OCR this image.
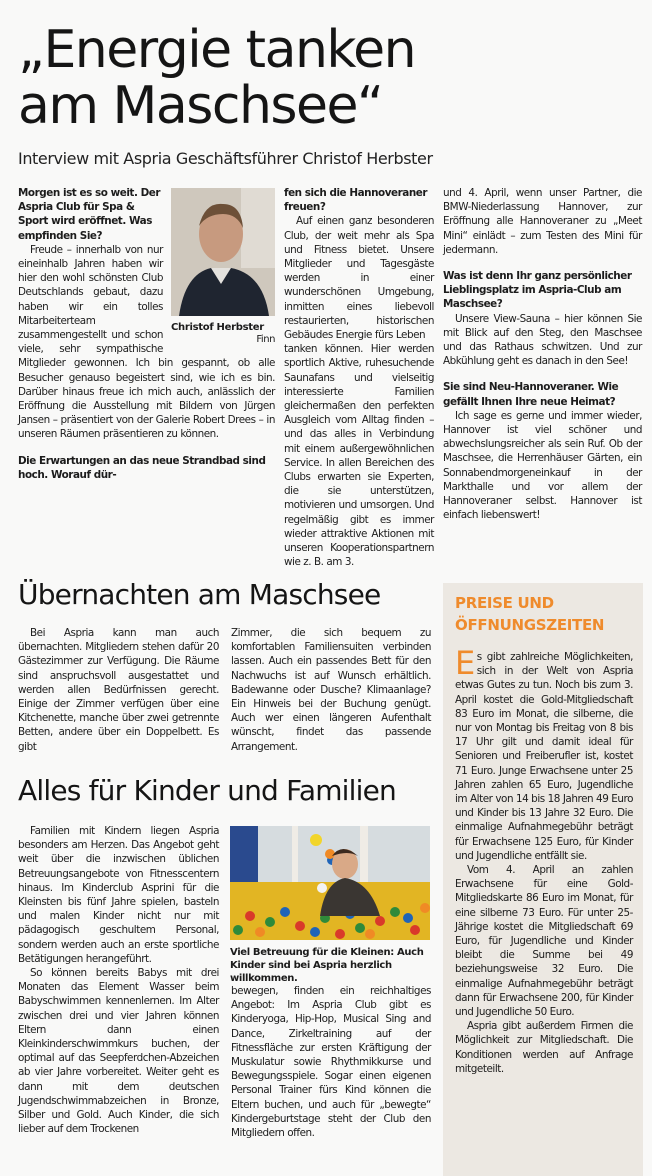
„Energie tanken
am Maschsee“
Interview mit Aspria Geschäftsführer Christof Herbster
Christof Herbster
Finn
Morgen ist es so weit. Der Aspria Club für Spa & Sport wird eröffnet. Was empfinden Sie?

Freude – innerhalb von nur eineinhalb Jahren haben wir hier den wohl schönsten Club Deutschlands gebaut, dazu haben wir ein tolles Mitarbeiterteam zusammengestellt und schon viele, sehr sympathische Mitglieder gewonnen. Ich bin gespannt, ob alle Besucher genauso begeistert sind, wie ich es bin. Darüber hinaus freue ich mich auch, anlässlich der Eröffnung die Ausstellung mit Bildern von Jürgen Jansen – präsentiert von der Galerie Robert Drees – in unseren Räumen präsentieren zu können.

Die Erwartungen an das neue Strandbad sind hoch. Worauf dür-
fen sich die Hannoveraner freuen?

Auf einen ganz besonderen Club, der weit mehr als Spa und Fitness bietet. Unsere Mitglieder und Tagesgäste werden in einer wunderschönen Umgebung, inmitten eines liebevoll restaurierten, historischen Gebäudes Energie fürs Leben

tanken können. Hier werden sportlich Aktive, ruhesuchende Saunafans und vielseitig interessierte Familien gleichermaßen den perfekten Ausgleich vom Alltag finden – und das alles in Verbindung mit einem außergewöhnlichen Service. In allen Bereichen des Clubs erwarten sie Experten, die sie unterstützen, motivieren und umsorgen. Und regelmäßig gibt es immer wieder attraktive Aktionen mit unseren Kooperationspartnern wie z. B. am 3.

und 4. April, wenn unser Partner, die BMW-Niederlassung Hannover, zur Eröffnung alle Hannoveraner zu „Meet Mini“ einlädt – zum Testen des Mini für jedermann.

Was ist denn Ihr ganz persönlicher Lieblingsplatz im Aspria-Club am Maschsee?

Unsere View-Sauna – hier können Sie mit Blick auf den Steg, den Maschsee und das Rathaus schwitzen. Und zur Abkühlung geht es danach in den See!

Sie sind Neu-Hannoveraner. Wie gefällt Ihnen Ihre neue Heimat?

Ich sage es gerne und immer wieder, Hannover ist viel schöner und abwechslungsreicher als sein Ruf. Ob der Maschsee, die Herrenhäuser Gärten, ein Sonnabendmorgeneinkauf in der Markthalle und vor allem der Hannoveraner selbst. Hannover ist einfach liebenswert!

Übernachten am Maschsee

Bei Aspria kann man auch übernachten. Mitgliedern stehen dafür 20 Gästezimmer zur Verfügung. Die Räume sind anspruchsvoll ausgestattet und werden allen Bedürfnissen gerecht. Einige der Zimmer verfügen über eine Kitchenette, manche über zwei getrennte Betten, andere über ein Doppelbett. Es gibt

Zimmer, die sich bequem zu komfortablen Familiensuiten verbinden lassen. Auch ein passendes Bett für den Nachwuchs ist auf Wunsch erhältlich. Badewanne oder Dusche? Klimaanlage? Ein Hinweis bei der Buchung genügt. Auch wer einen längeren Aufenthalt wünscht, findet das passende Arrangement.

Alles für Kinder und Familien

Familien mit Kindern liegen Aspria besonders am Herzen. Das Angebot geht weit über die inzwischen üblichen Betreuungsangebote von Fitnesscentern hinaus. Im Kinderclub Asprini für die Kleinsten bis fünf Jahre spielen, basteln und malen Kinder nicht nur mit pädagogisch geschultem Personal, sondern werden auch an erste sportliche Betätigungen herangeführt.

So können bereits Babys mit drei Monaten das Element Wasser beim Babyschwimmen kennenlernen. Im Alter zwischen drei und vier Jahren können Eltern dann einen Kleinkinderschwimmkurs buchen, der optimal auf das Seepferdchen-Abzeichen ab vier Jahre vorbereitet. Weiter geht es dann mit dem deutschen Jugendschwimmabzeichen in Bronze, Silber und Gold. Auch Kinder, die sich lieber auf dem Trockenen

Viel Betreuung für die Kleinen: Auch Kinder sind bei Aspria herzlich willkommen.

bewegen, finden ein reichhaltiges Angebot: Im Aspria Club gibt es Kinderyoga, Hip-Hop, Musical Sing and Dance, Zirkeltraining auf der Fitnessfläche zur ersten Kräftigung der Muskulatur sowie Rhythmikkurse und Bewegungsspiele. Sogar einen eigenen Personal Trainer fürs Kind können die Eltern buchen, und auch für „bewegte“ Kindergeburtstage steht der Club den Mitgliedern offen.

PREISE UND
ÖFFNUNGSZEITEN

Es gibt zahlreiche Möglichkeiten, sich in der Welt von Aspria etwas Gutes zu tun. Noch bis zum 3. April kostet die Gold-Mitgliedschaft 83 Euro im Monat, die silberne, die nur von Montag bis Freitag von 8 bis 17 Uhr gilt und damit ideal für Senioren und Freiberufler ist, kostet 71 Euro. Junge Erwachsene unter 25 Jahren zahlen 65 Euro, Jugendliche im Alter von 14 bis 18 Jahren 49 Euro und Kinder bis 13 Jahre 32 Euro. Die einmalige Aufnahmegebühr beträgt für Erwachsene 125 Euro, für Kinder und Jugendliche entfällt sie.

Vom 4. April an zahlen Erwachsene für eine Gold-Mitgliedskarte 86 Euro im Monat, für eine silberne 73 Euro. Für unter 25-Jährige kostet die Mitgliedschaft 69 Euro, für Jugendliche und Kinder bleibt die Summe bei 49 beziehungsweise 32 Euro. Die einmalige Aufnahmegebühr beträgt dann für Erwachsene 200, für Kinder und Jugendliche 50 Euro.

Aspria gibt außerdem Firmen die Möglichkeit zur Mitgliedschaft. Die Konditionen werden auf Anfrage mitgeteilt.
